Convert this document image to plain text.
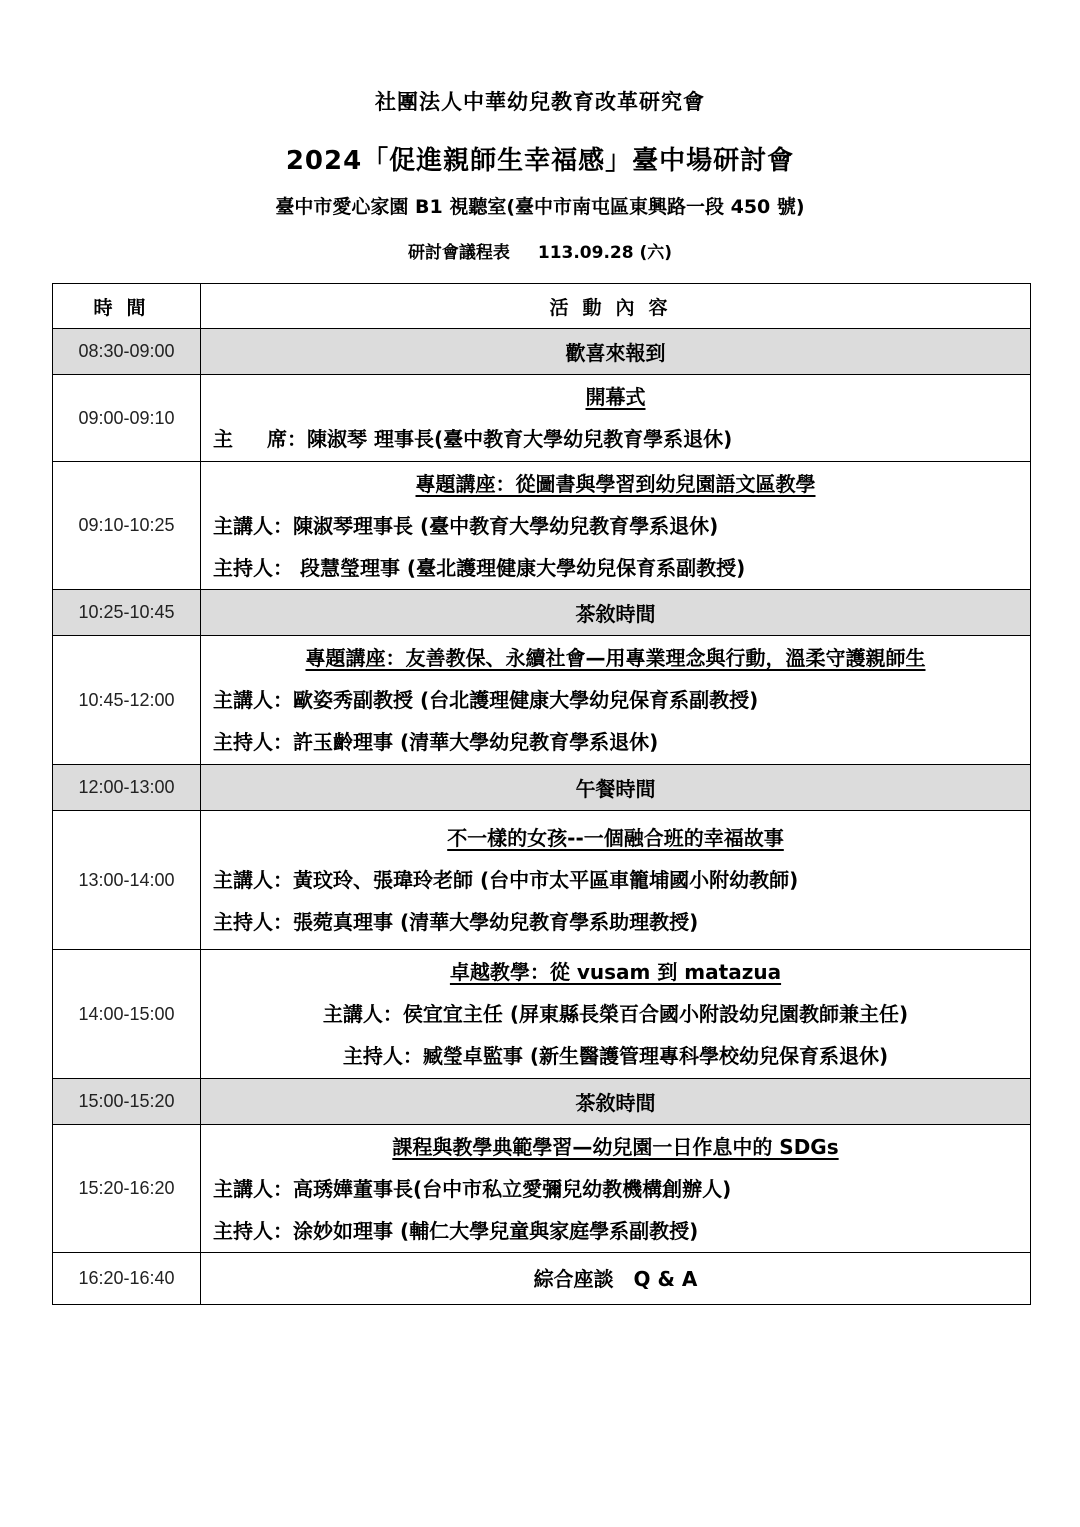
社團法人中華幼兒教育改革研究會
2024「促進親師生幸福感」臺中場研討會
臺中市愛心家園 B1 視聽室(臺中市南屯區東興路一段 450 號)
研討會議程表 113.09.28 (六)
時間	活動內容
08:30-09:00	歡喜來報到
09:00-09:10	開幕式
主 席：陳淑琴 理事長(臺中教育大學幼兒教育學系退休)

09:10-10:25	專題講座：從圖書與學習到幼兒園語文區教學
主講人：陳淑琴理事長 (臺中教育大學幼兒教育學系退休)
主持人： 段慧瑩理事 (臺北護理健康大學幼兒保育系副教授)

10:25-10:45	茶敘時間
10:45-12:00	專題講座：友善教保、永續社會—用專業理念與行動，溫柔守護親師生
主講人：歐姿秀副教授 (台北護理健康大學幼兒保育系副教授)
主持人：許玉齡理事 (清華大學幼兒教育學系退休)

12:00-13:00	午餐時間
13:00-14:00	不一樣的女孩--一個融合班的幸福故事
主講人：黃玟玲、張瑋玲老師 (台中市太平區車籠埔國小附幼教師)
主持人：張菀真理事 (清華大學幼兒教育學系助理教授)

14:00-15:00	卓越教學：從 vusam 到 matazua
主講人：侯宜宜主任 (屏東縣長榮百合國小附設幼兒園教師兼主任)
主持人：臧瑩卓監事 (新生醫護管理專科學校幼兒保育系退休)

15:00-15:20	茶敘時間
15:20-16:20	課程與教學典範學習—幼兒園一日作息中的 SDGs
主講人：高琇嬅董事長(台中市私立愛彌兒幼教機構創辦人)
主持人：涂妙如理事 (輔仁大學兒童與家庭學系副教授)

16:20-16:40	綜合座談　Q & A
